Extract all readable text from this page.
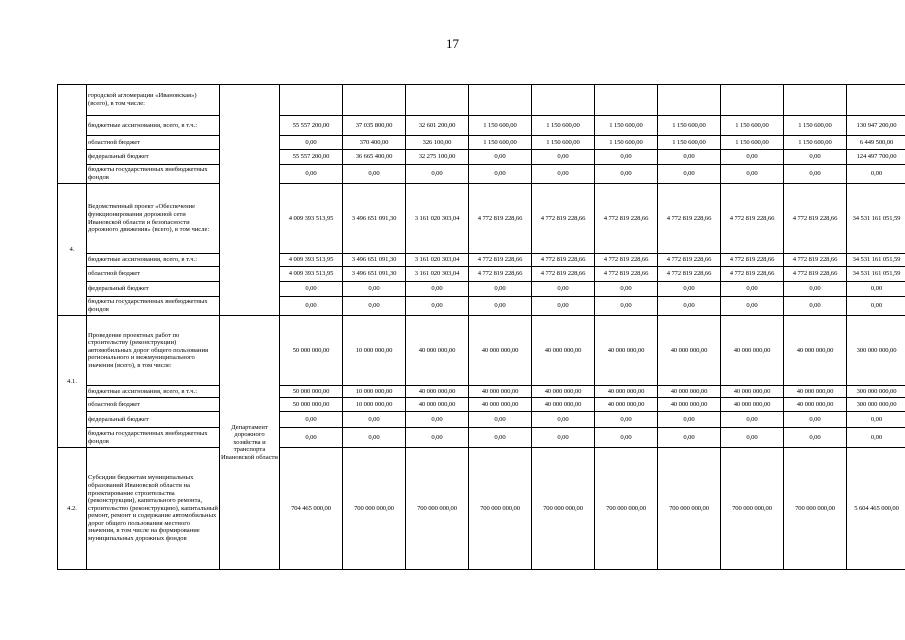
17
	городской агломерации «Ивановская») (всего), в том числе:											
	бюджетные ассигнования, всего, в т.ч.:		55 557 200,00	37 035 800,00	32 601 200,00	1 150 600,00	1 150 600,00	1 150 600,00	1 150 600,00	1 150 600,00	1 150 600,00	130 947 200,00
	областной бюджет		0,00	370 400,00	326 100,00	1 150 600,00	1 150 600,00	1 150 600,00	1 150 600,00	1 150 600,00	1 150 600,00	6 449 500,00
	федеральный бюджет		55 557 200,00	36 665 400,00	32 275 100,00	0,00	0,00	0,00	0,00	0,00	0,00	124 497 700,00
	бюджеты государственных внебюджетных фондов		0,00	0,00	0,00	0,00	0,00	0,00	0,00	0,00	0,00	0,00
4.	Ведомственный проект «Обеспечение функционирования дорожной сети Ивановской области и безопасности дорожного движения» (всего), в том числе:		4 009 393 513,95	3 496 651 091,30	3 161 020 303,04	4 772 819 228,66	4 772 819 228,66	4 772 819 228,66	4 772 819 228,66	4 772 819 228,66	4 772 819 228,66	34 531 161 051,59
	бюджетные ассигнования, всего, в т.ч.:		4 009 393 513,95	3 496 651 091,30	3 161 020 303,04	4 772 819 228,66	4 772 819 228,66	4 772 819 228,66	4 772 819 228,66	4 772 819 228,66	4 772 819 228,66	34 531 161 051,59
	областной бюджет		4 009 393 513,95	3 496 651 091,30	3 161 020 303,04	4 772 819 228,66	4 772 819 228,66	4 772 819 228,66	4 772 819 228,66	4 772 819 228,66	4 772 819 228,66	34 531 161 051,59
	федеральный бюджет		0,00	0,00	0,00	0,00	0,00	0,00	0,00	0,00	0,00	0,00
	бюджеты государственных внебюджетных фондов		0,00	0,00	0,00	0,00	0,00	0,00	0,00	0,00	0,00	0,00
4.1.	Проведение проектных работ по строительству (реконструкции) автомобильных дорог общего пользования регионального и межмуниципального значения (всего), в том числе:	Департамент дорожного хозяйства и транспорта Ивановской области	50 000 000,00	10 000 000,00	40 000 000,00	40 000 000,00	40 000 000,00	40 000 000,00	40 000 000,00	40 000 000,00	40 000 000,00	300 000 000,00
	бюджетные ассигнования, всего, в т.ч.:		50 000 000,00	10 000 000,00	40 000 000,00	40 000 000,00	40 000 000,00	40 000 000,00	40 000 000,00	40 000 000,00	40 000 000,00	300 000 000,00
	областной бюджет		50 000 000,00	10 000 000,00	40 000 000,00	40 000 000,00	40 000 000,00	40 000 000,00	40 000 000,00	40 000 000,00	40 000 000,00	300 000 000,00
	федеральный бюджет		0,00	0,00	0,00	0,00	0,00	0,00	0,00	0,00	0,00	0,00
	бюджеты государственных внебюджетных фондов		0,00	0,00	0,00	0,00	0,00	0,00	0,00	0,00	0,00	0,00
4.2.	Субсидии бюджетам муниципальных образований Ивановской области на проектирование строительства (реконструкции), капитального ремонта, строительство (реконструкцию), капитальный ремонт, ремонт и содержание автомобильных дорог общего пользования местного значения, в том числе на формирование муниципальных дорожных фондов		704 465 000,00	700 000 000,00	700 000 000,00	700 000 000,00	700 000 000,00	700 000 000,00	700 000 000,00	700 000 000,00	700 000 000,00	5 604 465 000,00
